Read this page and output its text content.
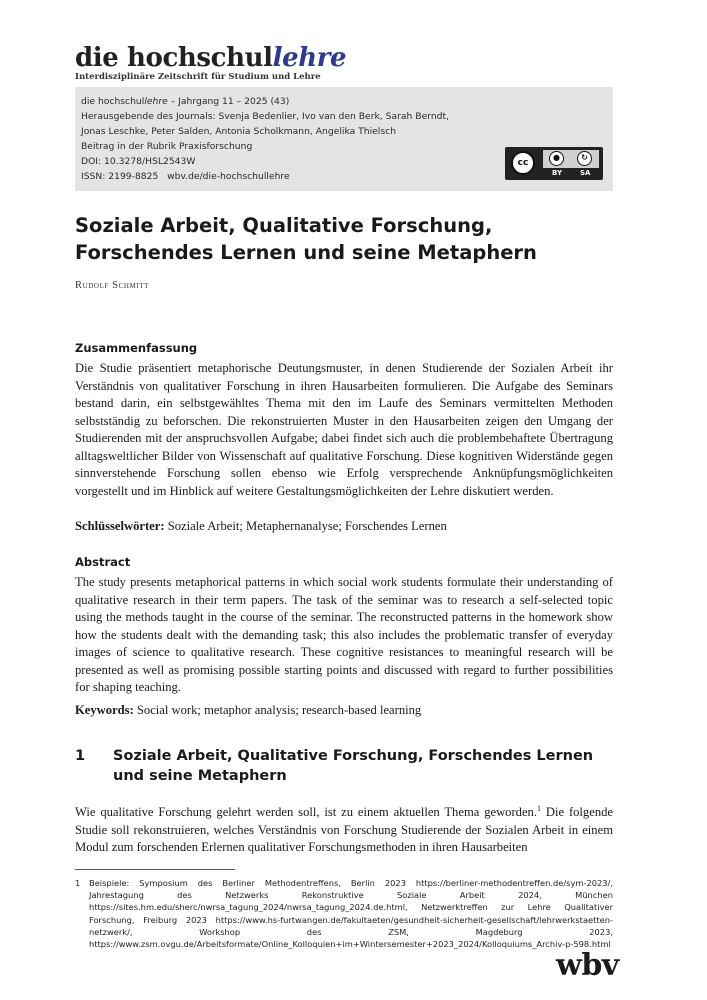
die hochschullehre
Interdisziplinäre Zeitschrift für Studium und Lehre
die hochschullehre – Jahrgang 11 – 2025 (43)
Herausgebende des Journals: Svenja Bedenlier, Ivo van den Berk, Sarah Berndt,
Jonas Leschke, Peter Salden, Antonia Scholkmann, Angelika Thielsch
Beitrag in der Rubrik Praxisforschung
DOI: 10.3278/HSL2543W
ISSN: 2199-8825 wbv.de/die-hochschullehre
cc
●	↻
BY	SA
Soziale Arbeit, Qualitative Forschung, Forschendes Lernen und seine Metaphern
Rudolf Schmitt
Zusammenfassung
Die Studie präsentiert metaphorische Deutungsmuster, in denen Studierende der Sozialen Arbeit ihr Verständnis von qualitativer Forschung in ihren Hausarbeiten formulieren. Die Aufgabe des Seminars bestand darin, ein selbstgewähltes Thema mit den im Laufe des Seminars vermittelten Methoden selbstständig zu beforschen. Die rekonstruierten Muster in den Hausarbeiten zeigen den Umgang der Studierenden mit der anspruchsvollen Aufgabe; dabei findet sich auch die problembehaftete Übertragung alltagsweltlicher Bilder von Wissenschaft auf qualitative Forschung. Diese kognitiven Widerstände gegen sinnverstehende Forschung sollen ebenso wie Erfolg versprechende Anknüpfungsmöglichkeiten vorgestellt und im Hinblick auf weitere Gestaltungsmöglichkeiten der Lehre diskutiert werden.
Schlüsselwörter: Soziale Arbeit; Metaphernanalyse; Forschendes Lernen
Abstract
The study presents metaphorical patterns in which social work students formulate their understanding of qualitative research in their term papers. The task of the seminar was to research a self-selected topic using the methods taught in the course of the seminar. The reconstructed patterns in the homework show how the students dealt with the demanding task; this also includes the problematic transfer of everyday images of science to qualitative research. These cognitive resistances to meaningful research will be presented as well as promising possible starting points and discussed with regard to further possibilities for shaping teaching.
Keywords: Social work; metaphor analysis; research-based learning
1 Soziale Arbeit, Qualitative Forschung, Forschendes Lernen und seine Metaphern
Wie qualitative Forschung gelehrt werden soll, ist zu einem aktuellen Thema geworden.$^1$ Die folgende Studie soll rekonstruieren, welches Verständnis von Forschung Studierende der Sozialen Arbeit in einem Modul zum forschenden Erlernen qualitativer Forschungsmethoden in ihren Hausarbeiten
1 Beispiele: Symposium des Berliner Methodentreffens, Berlin 2023 https://berliner-methodentreffen.de/sym-2023/, Jahrestagung des Netzwerks Rekonstruktive Soziale Arbeit 2024, München https://sites.hm.edu/sherc/nwrsa_tagung_2024/nwrsa_tagung_2024.de.html, Netzwerktreffen zur Lehre Qualitativer Forschung, Freiburg 2023 https://www.hs-furtwangen.de/fakultaeten/gesundheit-sicherheit-gesellschaft/lehrwerkstaetten-netzwerk/, Workshop des ZSM, Magdeburg 2023, https://www.zsm.ovgu.de/Arbeitsformate/Online_Kolloquien+im+Wintersemester+2023_2024/Kolloquiums_Archiv-p-598.html
wbv
